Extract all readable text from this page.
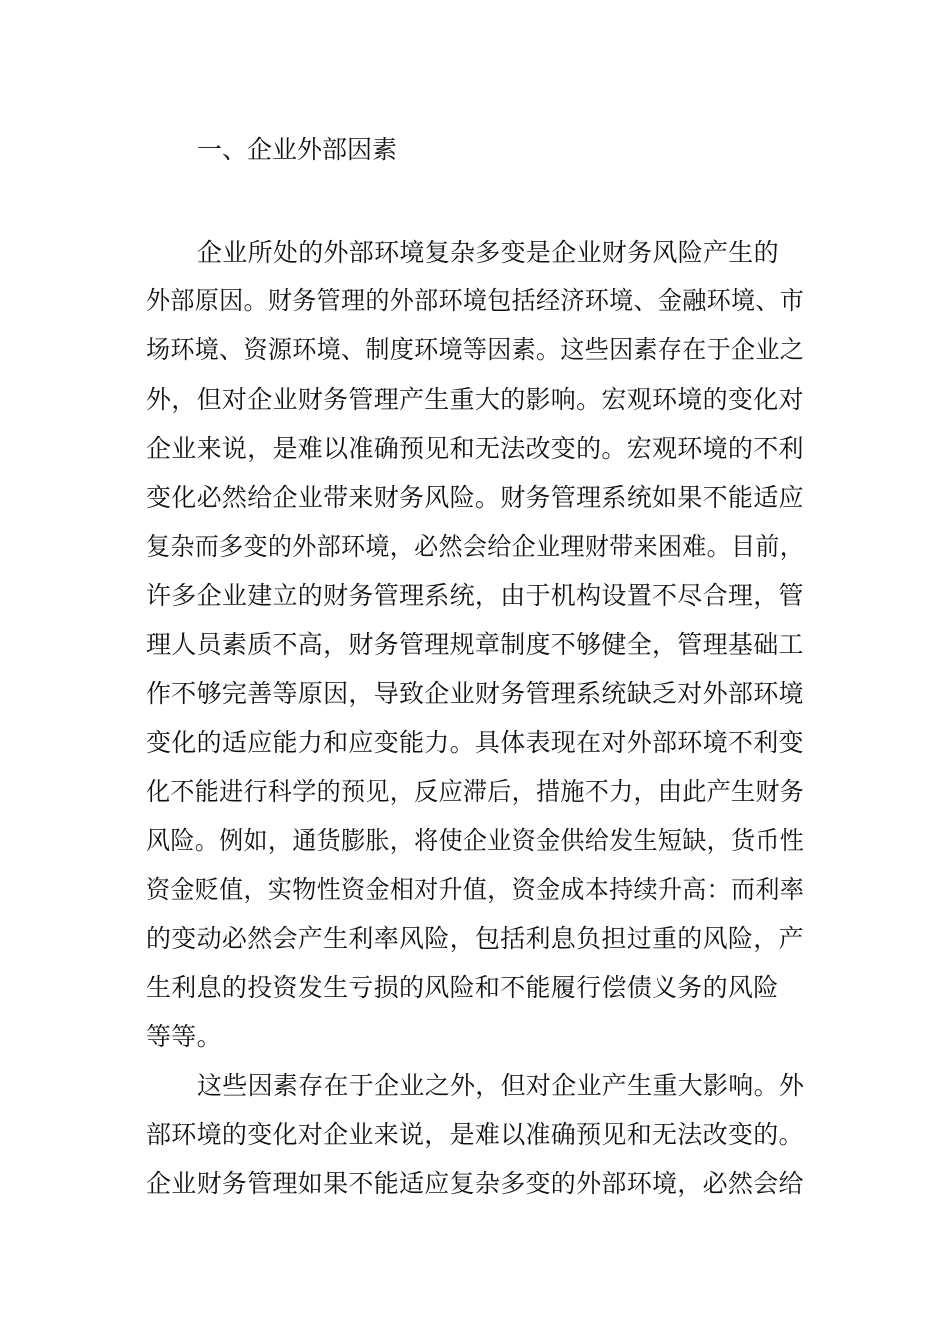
一、企业外部因素

企业所处的外部环境复杂多变是企业财务风险产生的

外部原因。财务管理的外部环境包括经济环境、金融环境、市

场环境、资源环境、制度环境等因素。这些因素存在于企业之

外，但对企业财务管理产生重大的影响。宏观环境的变化对

企业来说，是难以准确预见和无法改变的。宏观环境的不利

变化必然给企业带来财务风险。财务管理系统如果不能适应

复杂而多变的外部环境，必然会给企业理财带来困难。目前，

许多企业建立的财务管理系统，由于机构设置不尽合理，管

理人员素质不高，财务管理规章制度不够健全，管理基础工

作不够完善等原因，导致企业财务管理系统缺乏对外部环境

变化的适应能力和应变能力。具体表现在对外部环境不利变

化不能进行科学的预见，反应滞后，措施不力，由此产生财务

风险。例如，通货膨胀，将使企业资金供给发生短缺，货币性

资金贬值，实物性资金相对升值，资金成本持续升高：而利率

的变动必然会产生利率风险，包括利息负担过重的风险，产

生利息的投资发生亏损的风险和不能履行偿债义务的风险

等等。

这些因素存在于企业之外，但对企业产生重大影响。外

部环境的变化对企业来说，是难以准确预见和无法改变的。

企业财务管理如果不能适应复杂多变的外部环境，必然会给
